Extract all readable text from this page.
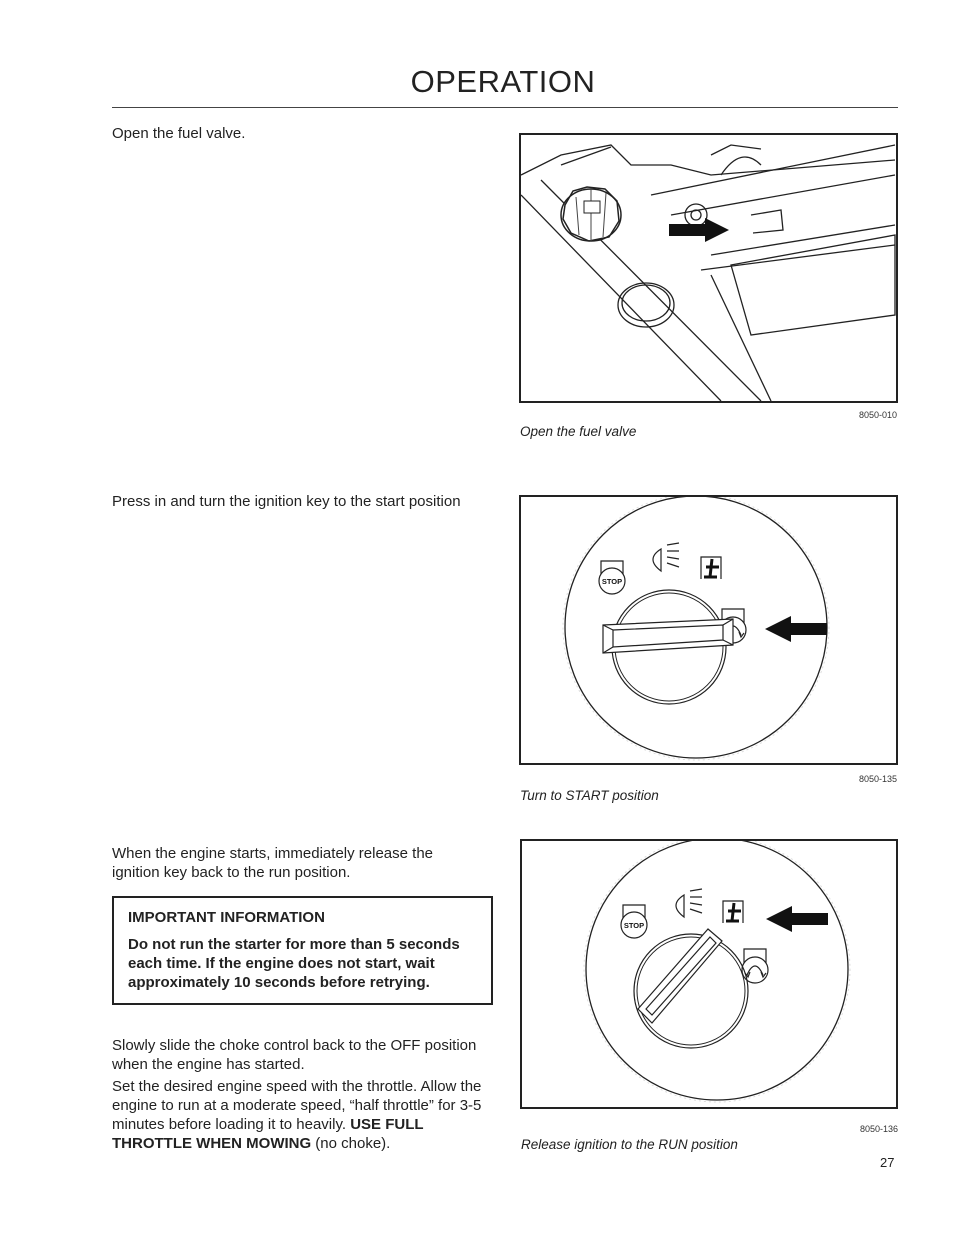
OPERATION

Open the fuel valve.

8050-010
Open the fuel valve

Press in and turn the ignition key to the start position

STOP
8050-135
Turn to START position

When the engine starts, immediately release the ignition key back to the run position.

IMPORTANT INFORMATION

Do not run the starter for more than 5 seconds each time. If the engine does not start, wait approximately 10 seconds before retrying.

Slowly slide the choke control back to the OFF position when the engine has started.

Set the desired engine speed with the throttle. Allow the engine to run at a moderate speed, “half throttle” for 3-5 minutes before loading it to heavily. USE FULL THROTTLE WHEN MOWING (no choke).

STOP
8050-136
Release ignition to the RUN position
27
